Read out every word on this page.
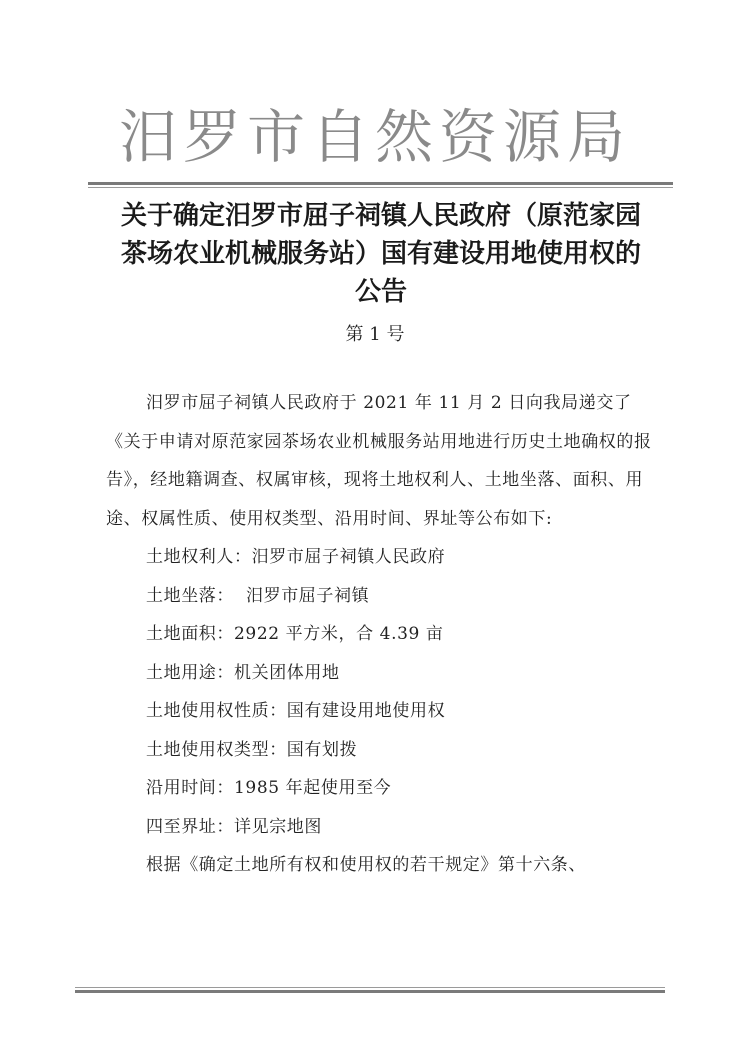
汨罗市自然资源局
关于确定汨罗市屈子祠镇人民政府（原范家园
茶场农业机械服务站）国有建设用地使用权的
公告
第 1 号

汨罗市屈子祠镇人民政府于 2021 年 11 月 2 日向我局递交了《关于申请对原范家园茶场农业机械服务站用地进行历史土地确权的报告》，经地籍调查、权属审核，现将土地权利人、土地坐落、面积、用途、权属性质、使用权类型、沿用时间、界址等公布如下:

土地权利人：汨罗市屈子祠镇人民政府

土地坐落：  汨罗市屈子祠镇

土地面积：2922 平方米，合 4.39 亩

土地用途：机关团体用地

土地使用权性质：国有建设用地使用权

土地使用权类型：国有划拨

沿用时间：1985 年起使用至今

四至界址：详见宗地图

根据《确定土地所有权和使用权的若干规定》第十六条、
